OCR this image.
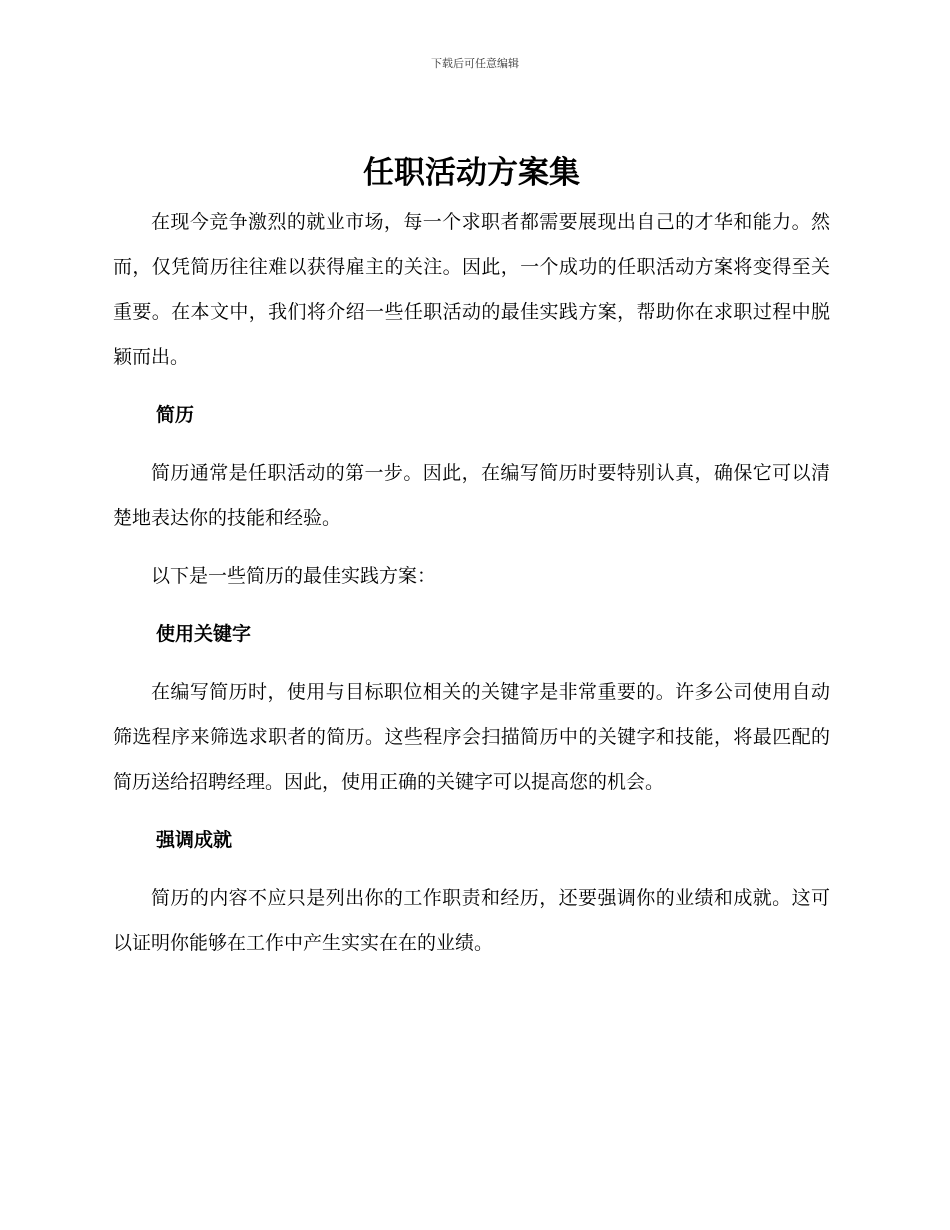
下载后可任意编辑
任职活动方案集

在现今竞争激烈的就业市场，每一个求职者都需要展现出自己的才华和能力。然而，仅凭简历往往难以获得雇主的关注。因此，一个成功的任职活动方案将变得至关重要。在本文中，我们将介绍一些任职活动的最佳实践方案，帮助你在求职过程中脱颖而出。

简历

简历通常是任职活动的第一步。因此，在编写简历时要特别认真，确保它可以清楚地表达你的技能和经验。

以下是一些简历的最佳实践方案：

使用关键字

在编写简历时，使用与目标职位相关的关键字是非常重要的。许多公司使用自动筛选程序来筛选求职者的简历。这些程序会扫描简历中的关键字和技能，将最匹配的简历送给招聘经理。因此，使用正确的关键字可以提高您的机会。

强调成就

简历的内容不应只是列出你的工作职责和经历，还要强调你的业绩和成就。这可以证明你能够在工作中产生实实在在的业绩。
